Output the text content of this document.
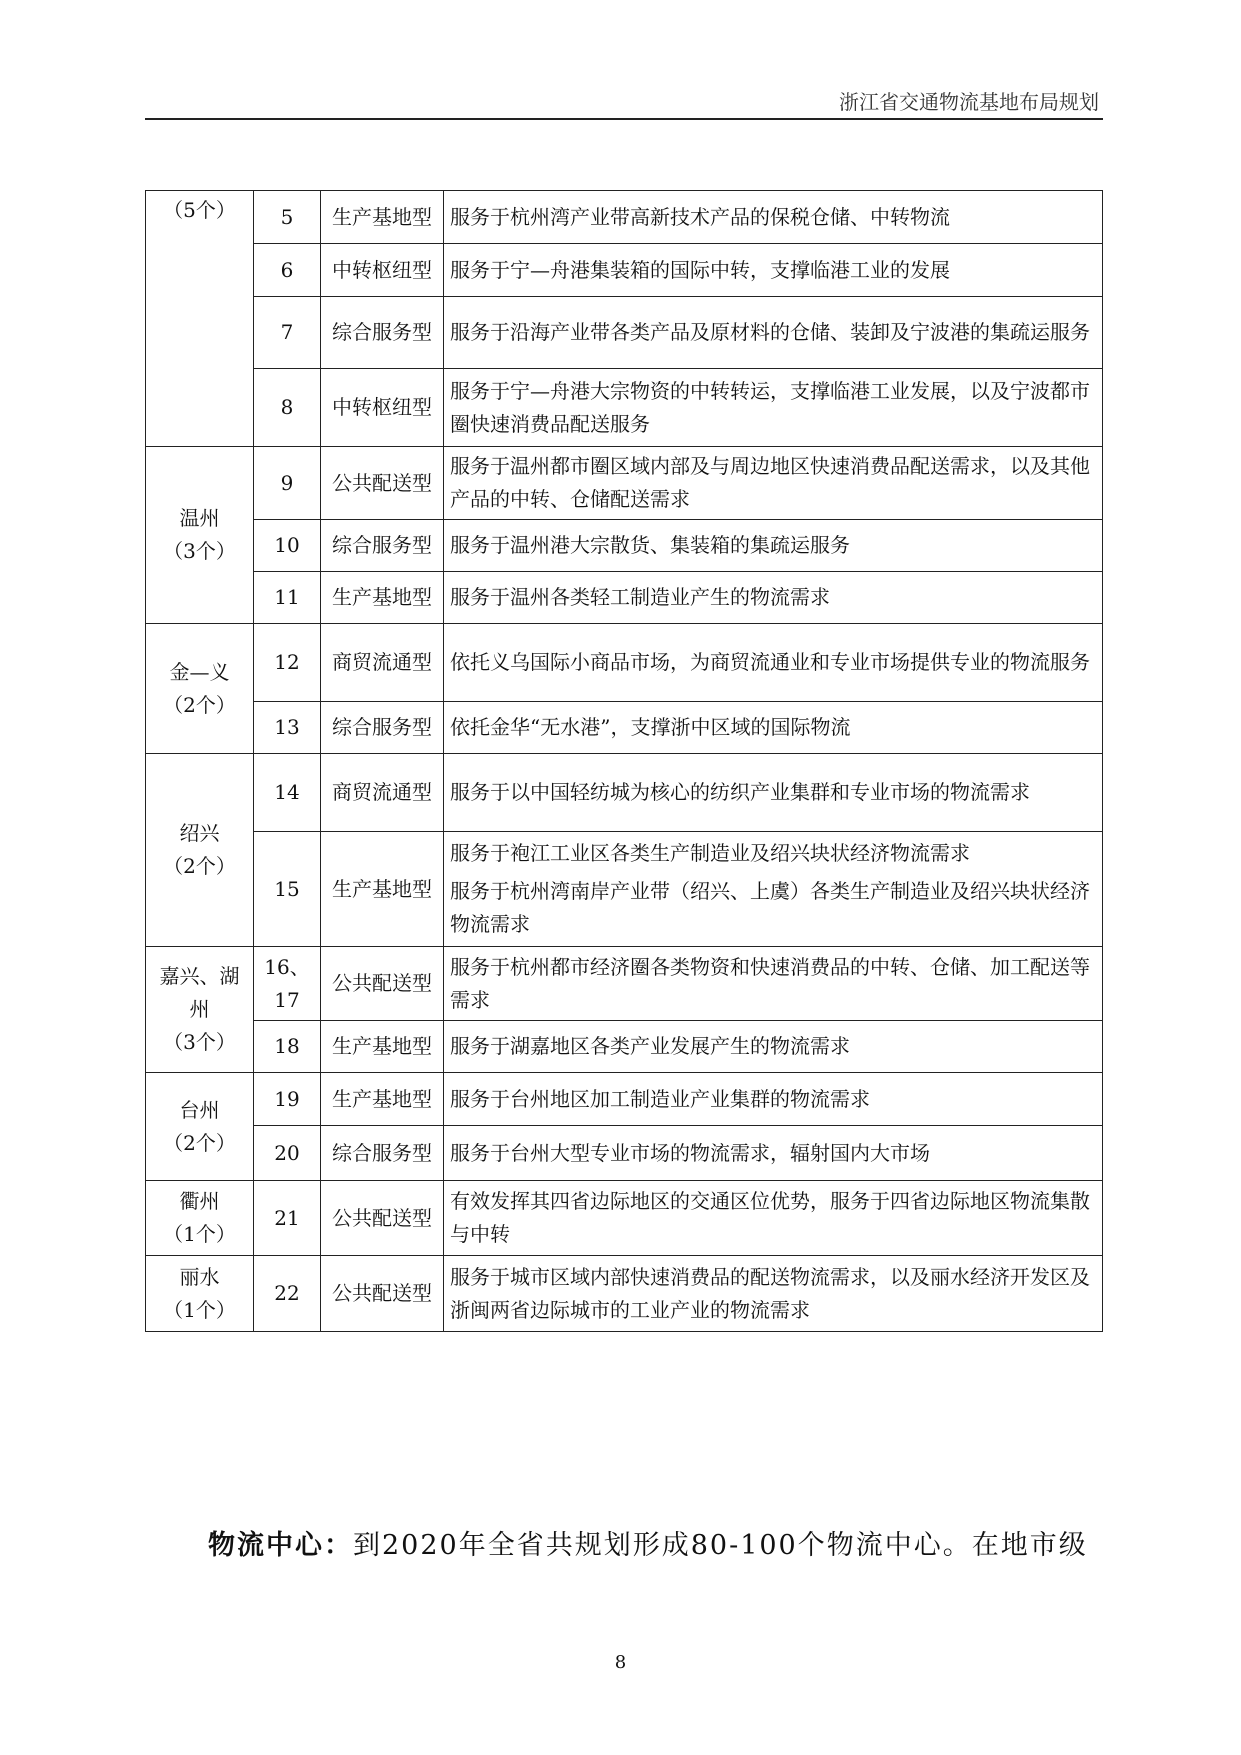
浙江省交通物流基地布局规划
（5个）	5	生产基地型	服务于杭州湾产业带高新技术产品的保税仓储、中转物流

	6	中转枢纽型	服务于宁—舟港集装箱的国际中转，支撑临港工业的发展

	7	综合服务型	服务于沿海产业带各类产品及原材料的仓储、装卸及宁波港的集疏运服务

	8	中转枢纽型	服务于宁—舟港大宗物资的中转转运，支撑临港工业发展，以及宁波都市圈快速消费品配送服务

温州
（3个）	9	公共配送型	服务于温州都市圈区域内部及与周边地区快速消费品配送需求，以及其他产品的中转、仓储配送需求

	10	综合服务型	服务于温州港大宗散货、集装箱的集疏运服务

	11	生产基地型	服务于温州各类轻工制造业产生的物流需求

金—义
（2个）	12	商贸流通型	依托义乌国际小商品市场，为商贸流通业和专业市场提供专业的物流服务

	13	综合服务型	依托金华“无水港”，支撑浙中区域的国际物流

绍兴
（2个）	14	商贸流通型	服务于以中国轻纺城为核心的纺织产业集群和专业市场的物流需求

	15	生产基地型	服务于袍江工业区各类生产制造业及绍兴块状经济物流需求
服务于杭州湾南岸产业带（绍兴、上虞）各类生产制造业及绍兴块状经济物流需求

嘉兴、湖州
（3个）	16、17	公共配送型	服务于杭州都市经济圈各类物资和快速消费品的中转、仓储、加工配送等需求

	18	生产基地型	服务于湖嘉地区各类产业发展产生的物流需求

台州
（2个）	19	生产基地型	服务于台州地区加工制造业产业集群的物流需求

	20	综合服务型	服务于台州大型专业市场的物流需求，辐射国内大市场

衢州
（1个）	21	公共配送型	有效发挥其四省边际地区的交通区位优势，服务于四省边际地区物流集散与中转

丽水
（1个）	22	公共配送型	服务于城市区域内部快速消费品的配送物流需求，以及丽水经济开发区及浙闽两省边际城市的工业产业的物流需求
物流中心：到2020年全省共规划形成80-100个物流中心。在地市级
8
